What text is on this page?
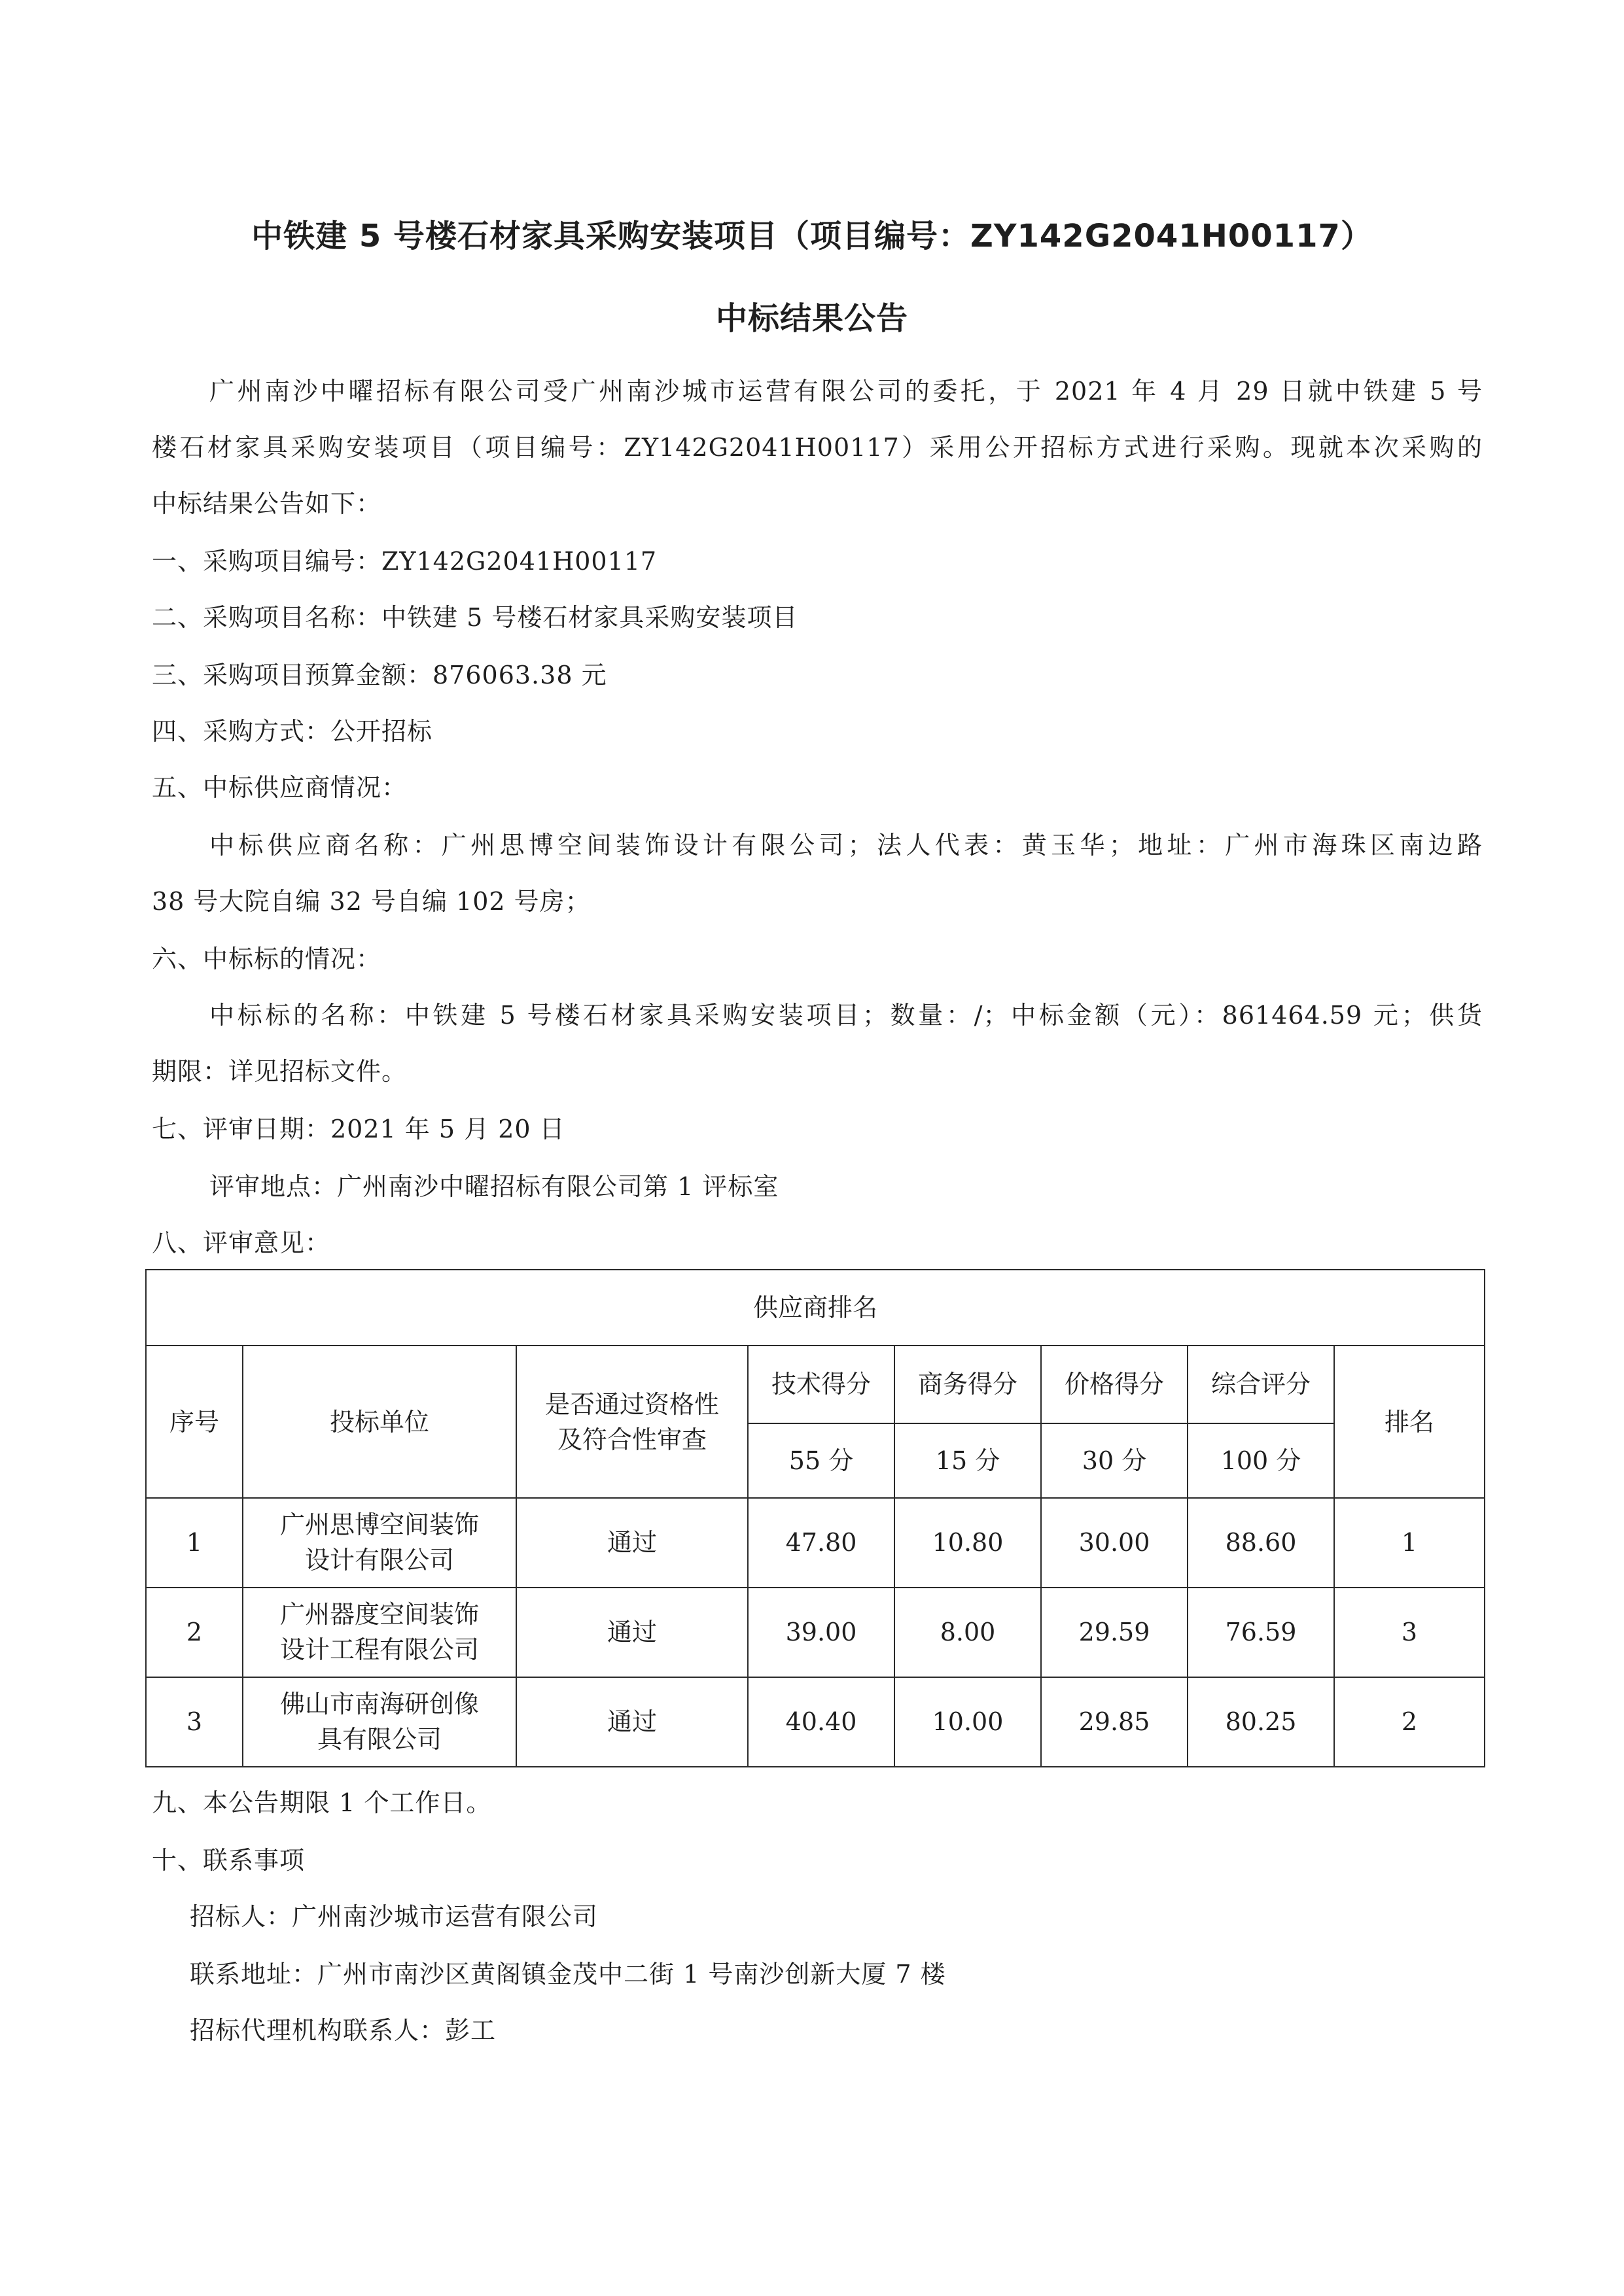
中铁建 5 号楼石材家具采购安装项目（项目编号：ZY142G2041H00117）
中标结果公告
广州南沙中曜招标有限公司受广州南沙城市运营有限公司的委托，于 2021 年 4 月 29 日就中铁建 5 号
楼石材家具采购安装项目（项目编号：ZY142G2041H00117）采用公开招标方式进行采购。现就本次采购的
中标结果公告如下：
一、采购项目编号：ZY142G2041H00117
二、采购项目名称：中铁建 5 号楼石材家具采购安装项目
三、采购项目预算金额：876063.38 元
四、采购方式：公开招标
五、中标供应商情况：
中标供应商名称：广州思博空间装饰设计有限公司；法人代表：黄玉华；地址：广州市海珠区南边路
38 号大院自编 32 号自编 102 号房；
六、中标标的情况：
中标标的名称：中铁建 5 号楼石材家具采购安装项目；数量：/；中标金额（元）：861464.59 元；供货
期限：详见招标文件。
七、评审日期：2021 年 5 月 20 日
评审地点：广州南沙中曜招标有限公司第 1 评标室
八、评审意见：
供应商排名							
序号	投标单位	是否通过资格性
及符合性审查	技术得分	商务得分	价格得分	综合评分	排名
			55 分	15 分	30 分	100 分	
1	广州思博空间装饰
设计有限公司	通过	47.80	10.80	30.00	88.60	1
2	广州器度空间装饰
设计工程有限公司	通过	39.00	8.00	29.59	76.59	3
3	佛山市南海研创像
具有限公司	通过	40.40	10.00	29.85	80.25	2
九、本公告期限 1 个工作日。
十、联系事项
招标人：广州南沙城市运营有限公司
联系地址：广州市南沙区黄阁镇金茂中二街 1 号南沙创新大厦 7 楼
招标代理机构联系人：彭工
